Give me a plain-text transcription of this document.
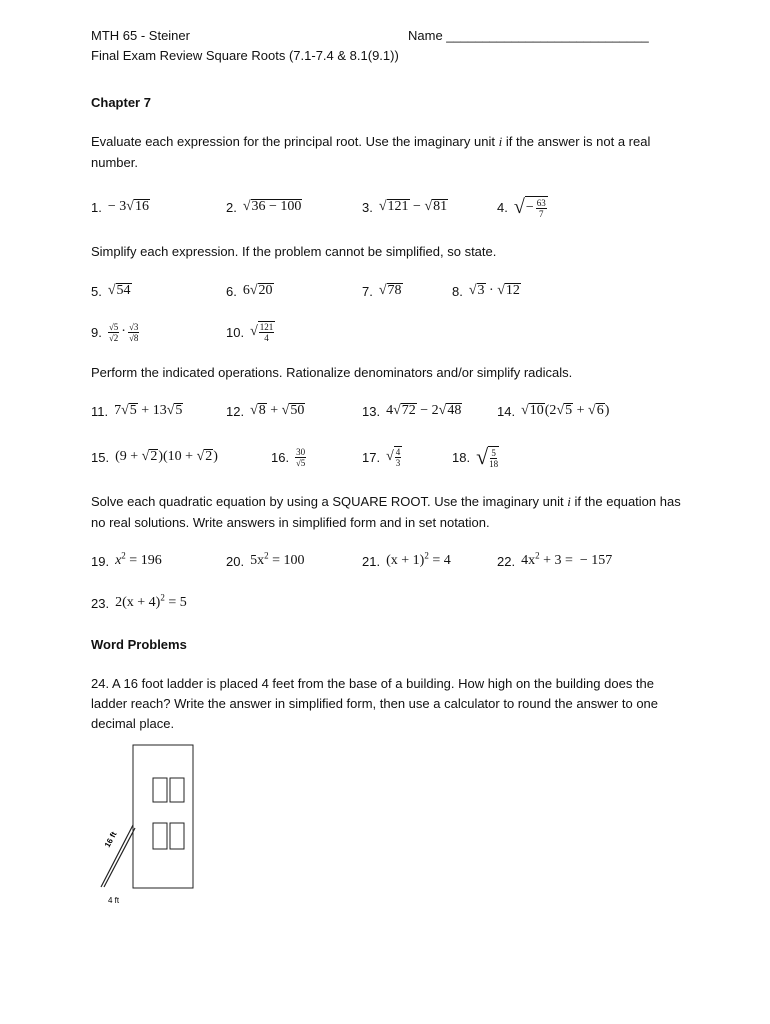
MTH 65 - Steiner	Name ____________________________
Final Exam Review Square Roots (7.1-7.4 & 8.1(9.1))
Chapter 7
Evaluate each expression for the principal root. Use the imaginary unit i if the answer is not a real number.
1. − 3√16	2. √36 − 100	3. √121 − √81	4. √ − $\frac{63}{7}$
Simplify each expression. If the problem cannot be simplified, so state.
5. √54	6. 6√20	7. √78	8. √3 · √12
9. $\frac{√5}{√2} \cdot \frac{√3}{√8}$	10. √ $\frac{121}{4}$
Perform the indicated operations. Rationalize denominators and/or simplify radicals.
11. 7√5 + 13√5	12. √8 + √50	13. 4√72 − 2√48	14. √10(2√5 + √6)
15. (9 + √2)(10 + √2)	16. $\frac{30}{√5}$	17. √ $\frac{4}{3}$	18. √ $\frac{5}{18}$
Solve each quadratic equation by using a SQUARE ROOT. Use the imaginary unit i if the equation has no real solutions. Write answers in simplified form and in set notation.
19. $x^2 = 196$	20. $5x^2 = 100$	21. $(x + 1)^2 = 4$	22. $4x^2 + 3$ =  − 157
23. $2(x + 4)^2 = 5$
Word Problems
24. A 16 foot ladder is placed 4 feet from the base of a building. How high on the building does the ladder reach? Write the answer in simplified form, then use a calculator to round the answer to one decimal place.
16 ft
4 ft
